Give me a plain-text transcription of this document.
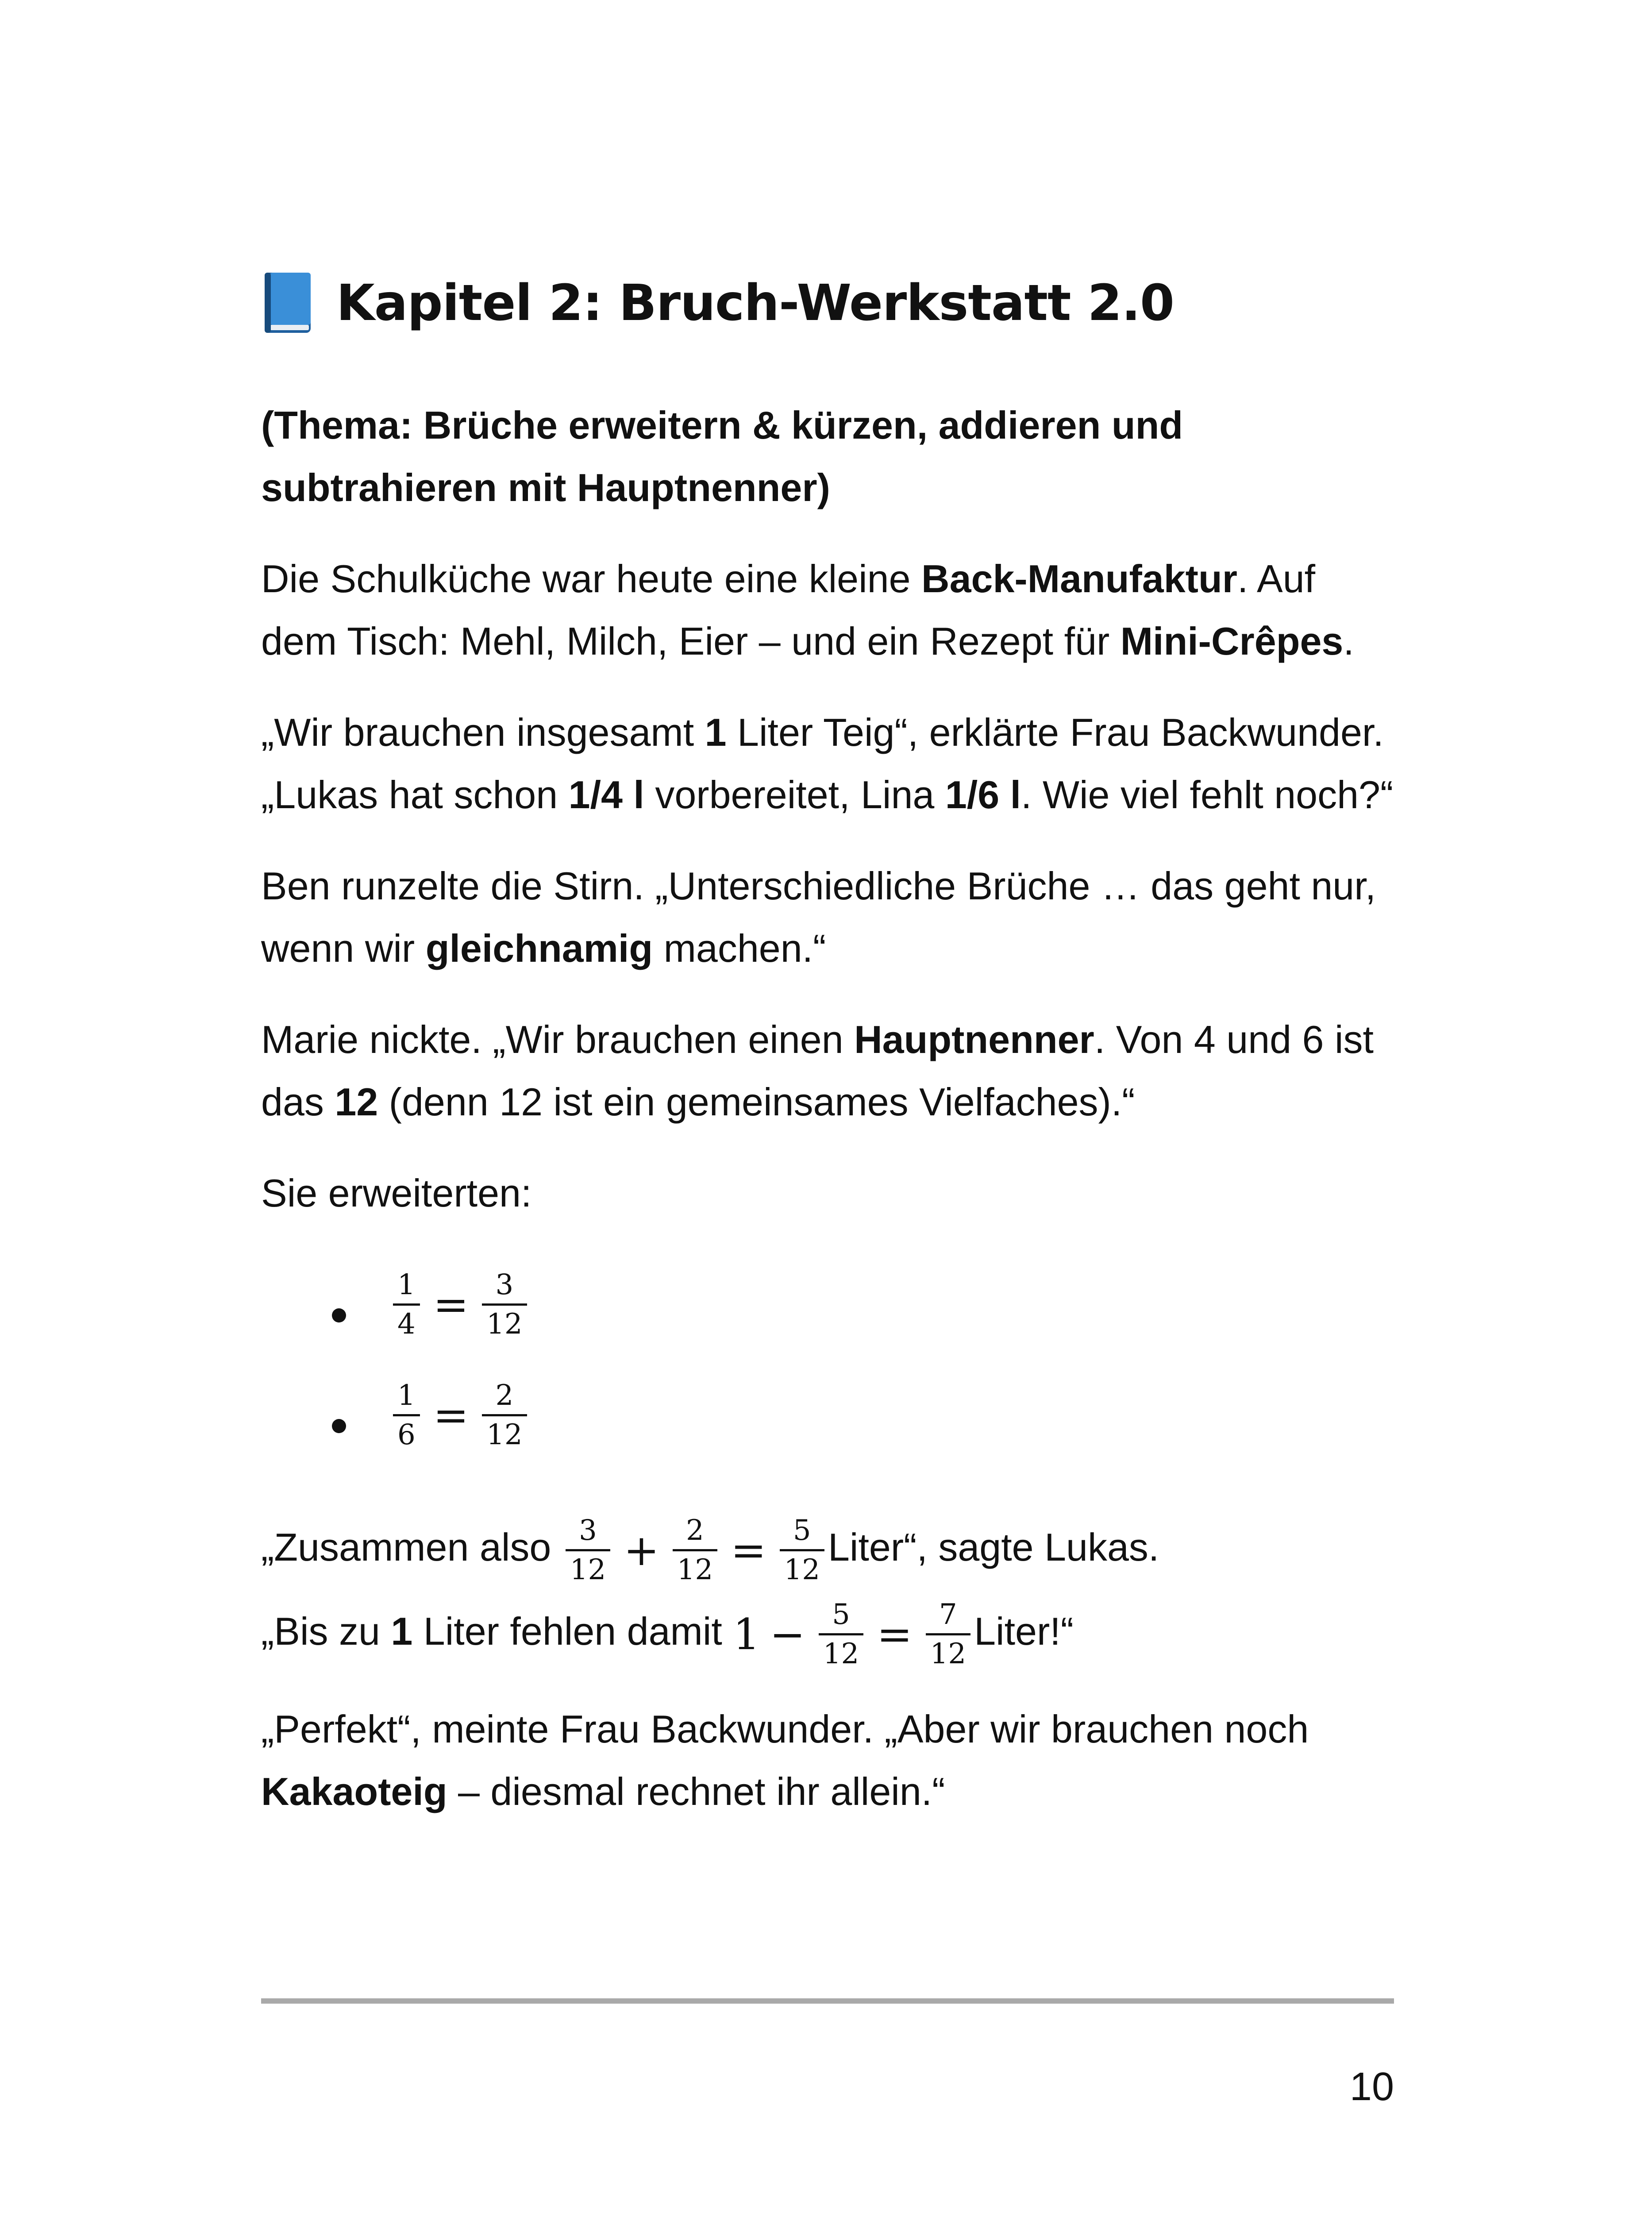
Kapitel 2: Bruch-Werkstatt 2.0

(Thema: Brüche erweitern & kürzen, addieren und subtrahieren mit Hauptnenner)

Die Schulküche war heute eine kleine Back-Manufaktur. Auf dem Tisch: Mehl, Milch, Eier – und ein Rezept für Mini-Crêpes.

„Wir brauchen insgesamt 1 Liter Teig“, erklärte Frau Backwunder. „Lukas hat schon 1/4 l vorbereitet, Lina 1/6 l. Wie viel fehlt noch?“

Ben runzelte die Stirn. „Unterschiedliche Brüche … das geht nur, wenn wir gleichnamig machen.“

Marie nickte. „Wir brauchen einen Hauptnenner. Von 4 und 6 ist das 12 (denn 12 ist ein gemeinsames Vielfaches).“

Sie erweiterten:

$\frac{1}{4} = \frac{3}{12}$
$\frac{1}{6} = \frac{2}{12}$
„Zusammen also $\frac{3}{12} + \frac{2}{12} = \frac{5}{12}$ Liter“, sagte Lukas.
„Bis zu 1 Liter fehlen damit $1 - \frac{5}{12} = \frac{7}{12}$ Liter!“

„Perfekt“, meinte Frau Backwunder. „Aber wir brauchen noch Kakaoteig – diesmal rechnet ihr allein.“

10
